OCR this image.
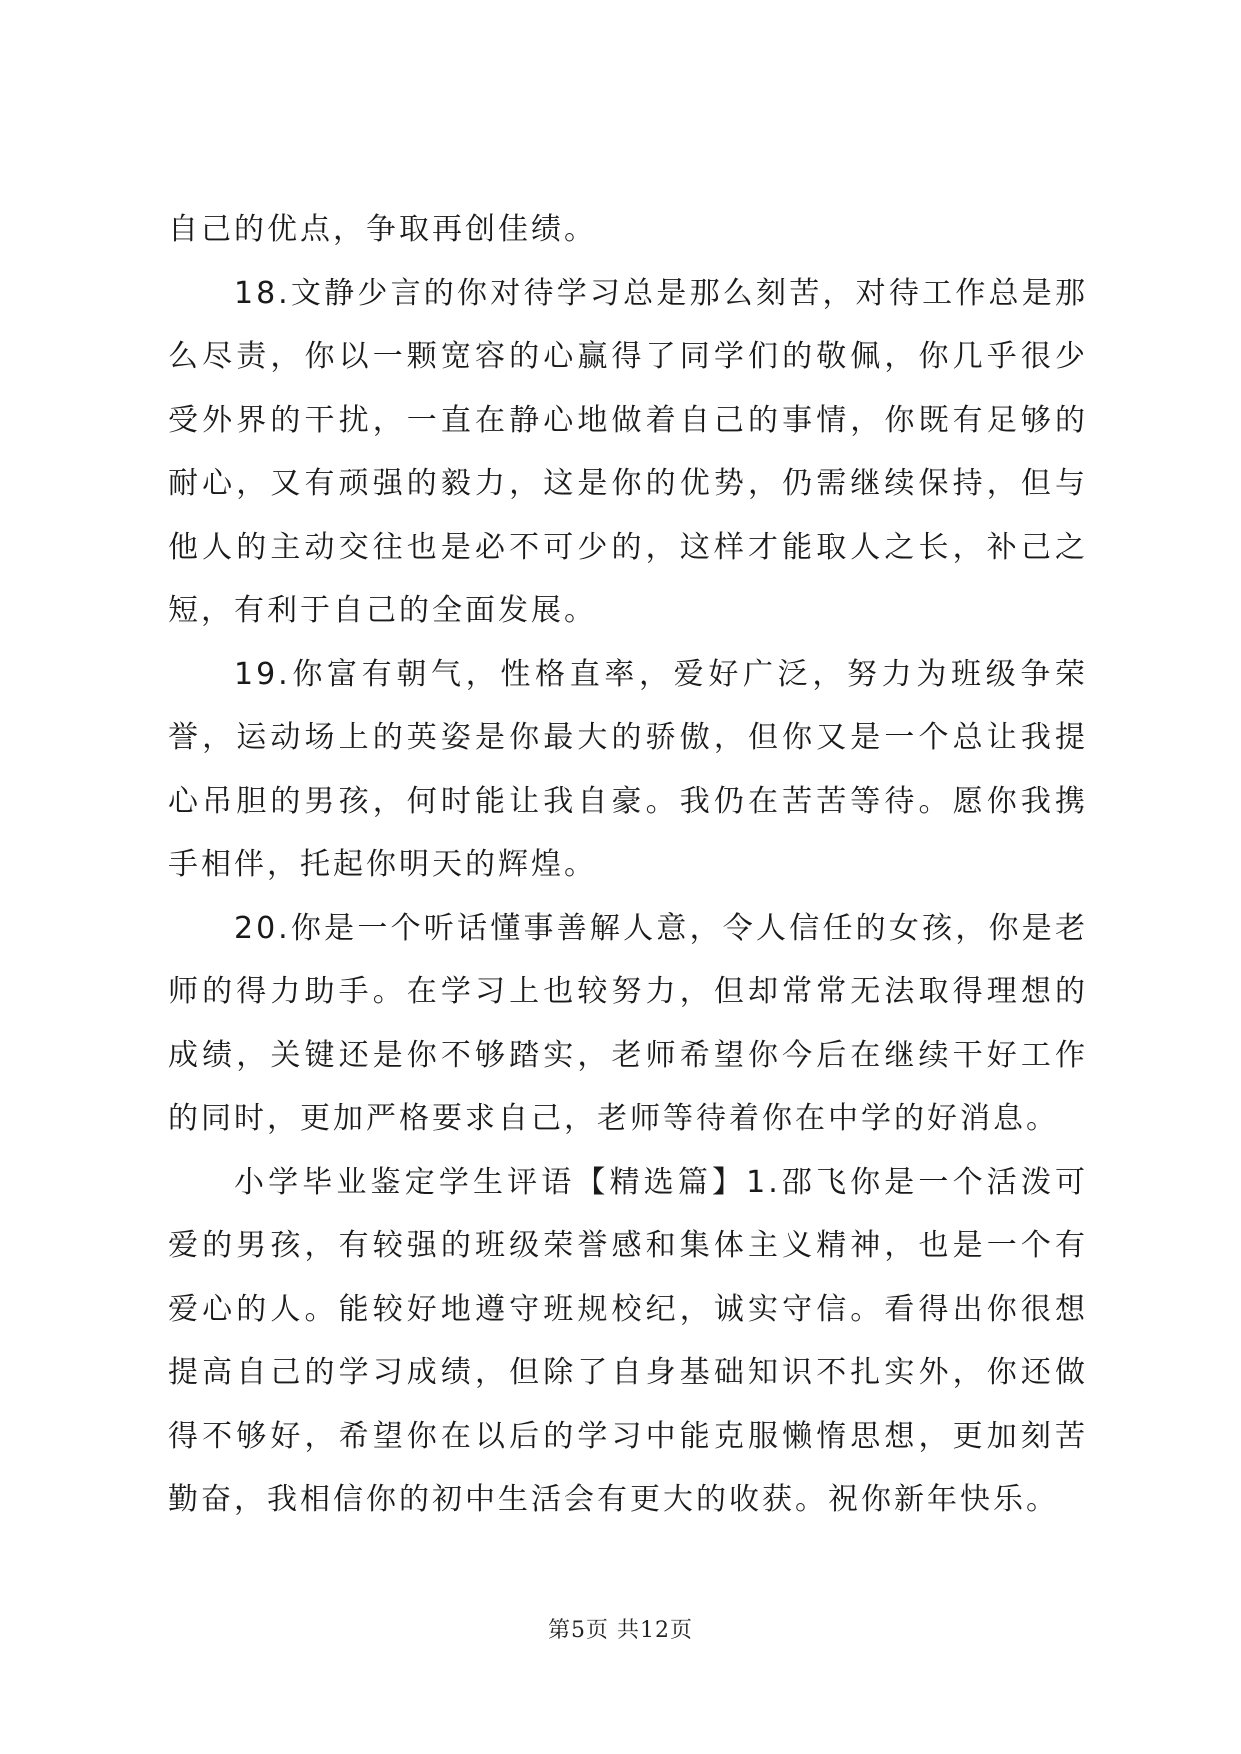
自己的优点，争取再创佳绩。

18.文静少言的你对待学习总是那么刻苦，对待工作总是那么尽责，你以一颗宽容的心赢得了同学们的敬佩，你几乎很少受外界的干扰，一直在静心地做着自己的事情，你既有足够的耐心，又有顽强的毅力，这是你的优势，仍需继续保持，但与他人的主动交往也是必不可少的，这样才能取人之长，补己之短，有利于自己的全面发展。

19.你富有朝气，性格直率，爱好广泛，努力为班级争荣誉，运动场上的英姿是你最大的骄傲，但你又是一个总让我提心吊胆的男孩，何时能让我自豪。我仍在苦苦等待。愿你我携手相伴，托起你明天的辉煌。

20.你是一个听话懂事善解人意，令人信任的女孩，你是老师的得力助手。在学习上也较努力，但却常常无法取得理想的成绩，关键还是你不够踏实，老师希望你今后在继续干好工作的同时，更加严格要求自己，老师等待着你在中学的好消息。

小学毕业鉴定学生评语【精选篇】1.邵飞你是一个活泼可爱的男孩，有较强的班级荣誉感和集体主义精神，也是一个有爱心的人。能较好地遵守班规校纪，诚实守信。看得出你很想提高自己的学习成绩，但除了自身基础知识不扎实外，你还做得不够好，希望你在以后的学习中能克服懒惰思想，更加刻苦勤奋，我相信你的初中生活会有更大的收获。祝你新年快乐。

第5页 共12页
